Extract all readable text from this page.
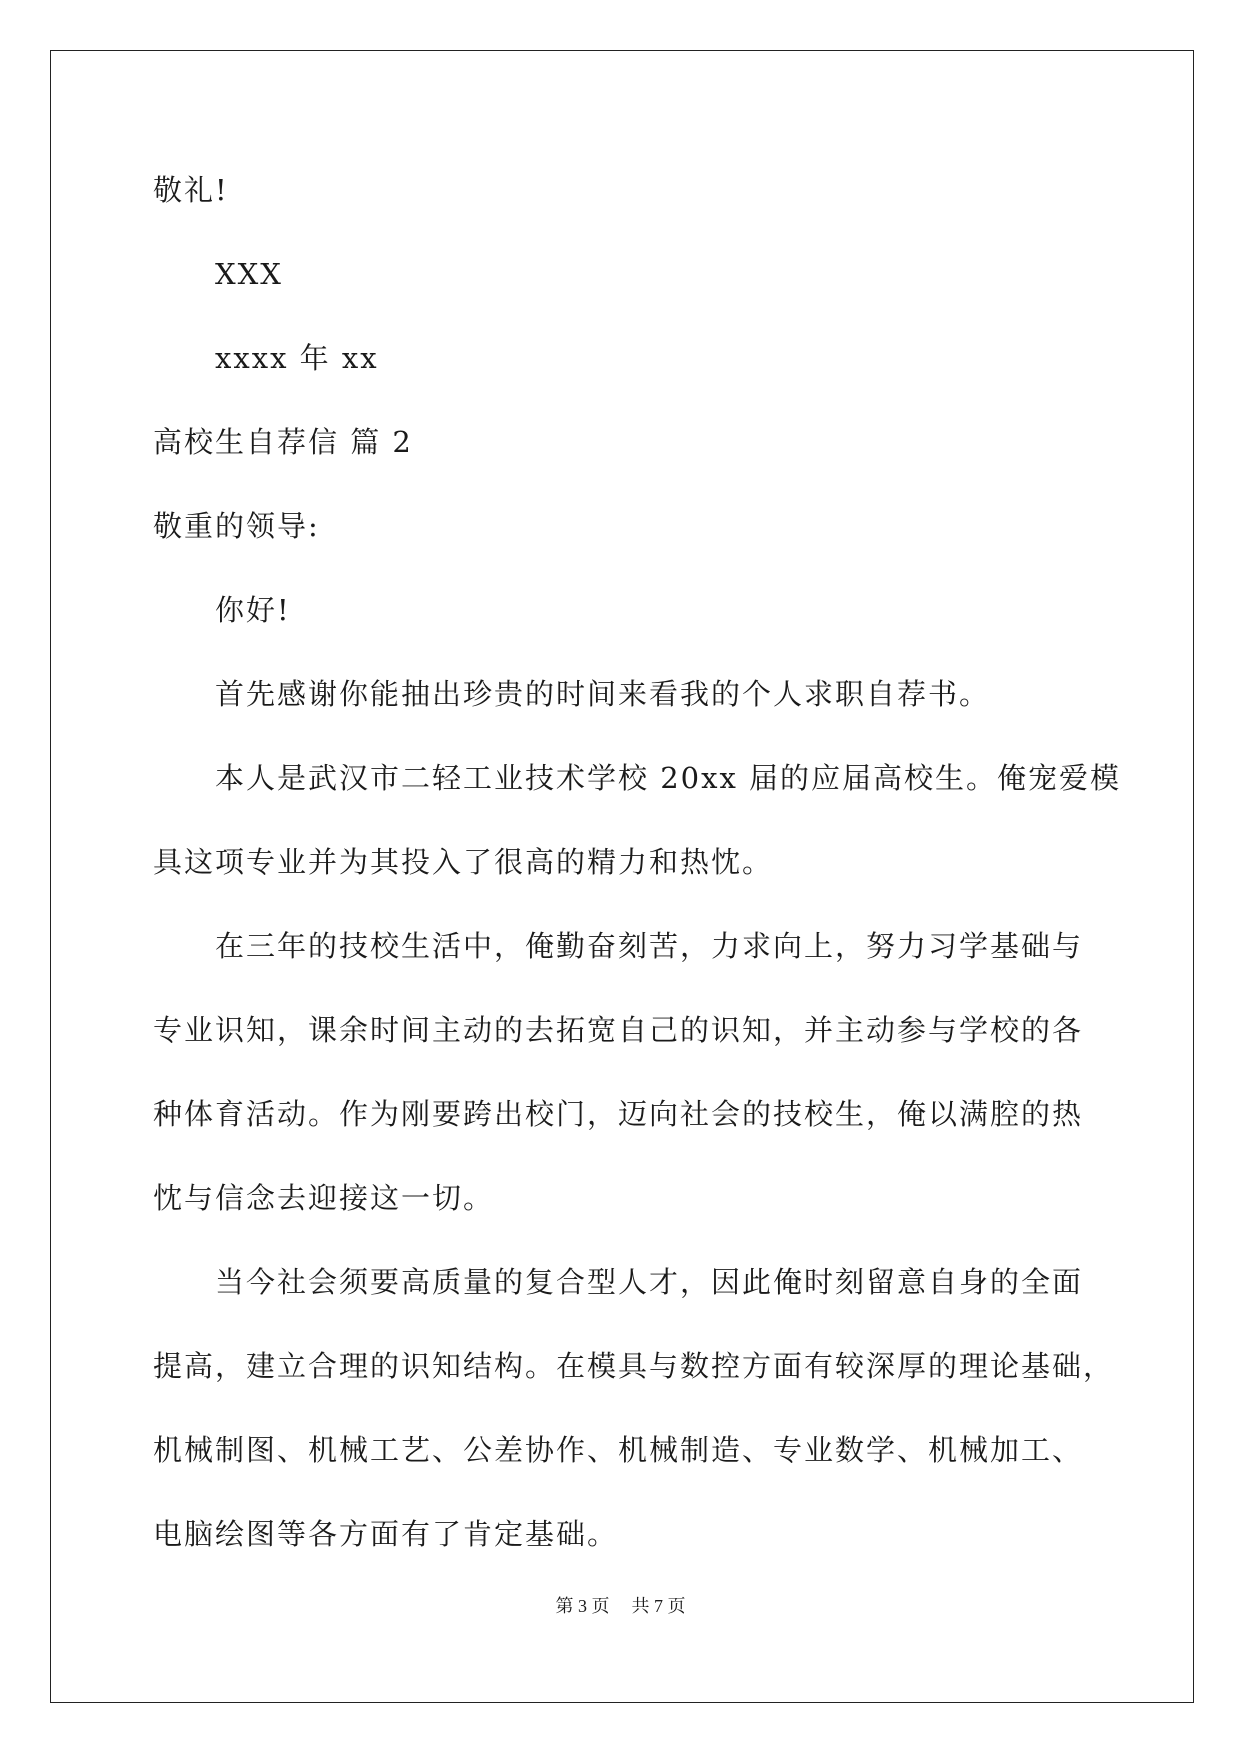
敬礼!
XXX
xxxx 年 xx
高校生自荐信 篇 2
敬重的领导:
你好!
首先感谢你能抽出珍贵的时间来看我的个人求职自荐书。
本人是武汉市二轻工业技术学校 20xx 届的应届高校生。俺宠爱模
具这项专业并为其投入了很高的精力和热忱。
在三年的技校生活中，俺勤奋刻苦，力求向上，努力习学基础与
专业识知，课余时间主动的去拓宽自己的识知，并主动参与学校的各
种体育活动。作为刚要跨出校门，迈向社会的技校生，俺以满腔的热
忱与信念去迎接这一切。
当今社会须要高质量的复合型人才，因此俺时刻留意自身的全面
提高，建立合理的识知结构。在模具与数控方面有较深厚的理论基础，
机械制图、机械工艺、公差协作、机械制造、专业数学、机械加工、
电脑绘图等各方面有了肯定基础。
第 3 页 共 7 页
